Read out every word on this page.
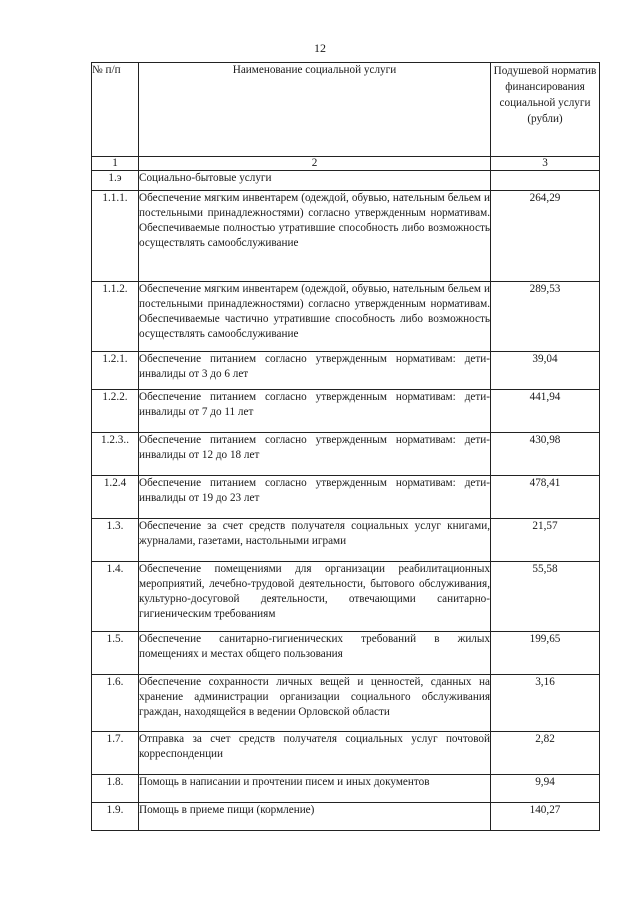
12
№ п/п	Наименование социальной услуги	Подушевой норматив финансирования социальной услуги (рубли)
1	2	3
1.э	Социально-бытовые услуги	
1.1.1.	Обеспечение мягким инвентарем (одеждой, обувью, нательным бельем и постельными принадлежностями) согласно утвержденным нормативам. Обеспечиваемые полностью утратившие способность либо возможность осуществлять самообслуживание	264,29
1.1.2.	Обеспечение мягким инвентарем (одеждой, обувью, нательным бельем и постельными принадлежностями) согласно утвержденным нормативам. Обеспечиваемые частично утратившие способность либо возможность осуществлять самообслуживание	289,53
1.2.1.	Обеспечение питанием согласно утвержденным нормативам: дети-инвалиды от 3 до 6 лет	39,04
1.2.2.	Обеспечение питанием согласно утвержденным нормативам: дети-инвалиды от 7 до 11 лет	441,94
1.2.3..	Обеспечение питанием согласно утвержденным нормативам: дети-инвалиды от 12 до 18 лет	430,98
1.2.4	Обеспечение питанием согласно утвержденным нормативам: дети-инвалиды от 19 до 23 лет	478,41
1.3.	Обеспечение за счет средств получателя социальных услуг книгами, журналами, газетами, настольными играми	21,57
1.4.	Обеспечение помещениями для организации реабилитационных мероприятий, лечебно-трудовой деятельности, бытового обслуживания, культурно-досуговой деятельности, отвечающими санитарно-гигиеническим требованиям	55,58
1.5.	Обеспечение санитарно-гигиенических требований в жилых помещениях и местах общего пользования	199,65
1.6.	Обеспечение сохранности личных вещей и ценностей, сданных на хранение администрации организации социального обслуживания граждан, находящейся в ведении Орловской области	3,16
1.7.	Отправка за счет средств получателя социальных услуг почтовой корреспонденции	2,82
1.8.	Помощь в написании и прочтении писем и иных документов	9,94
1.9.	Помощь в приеме пищи (кормление)	140,27
